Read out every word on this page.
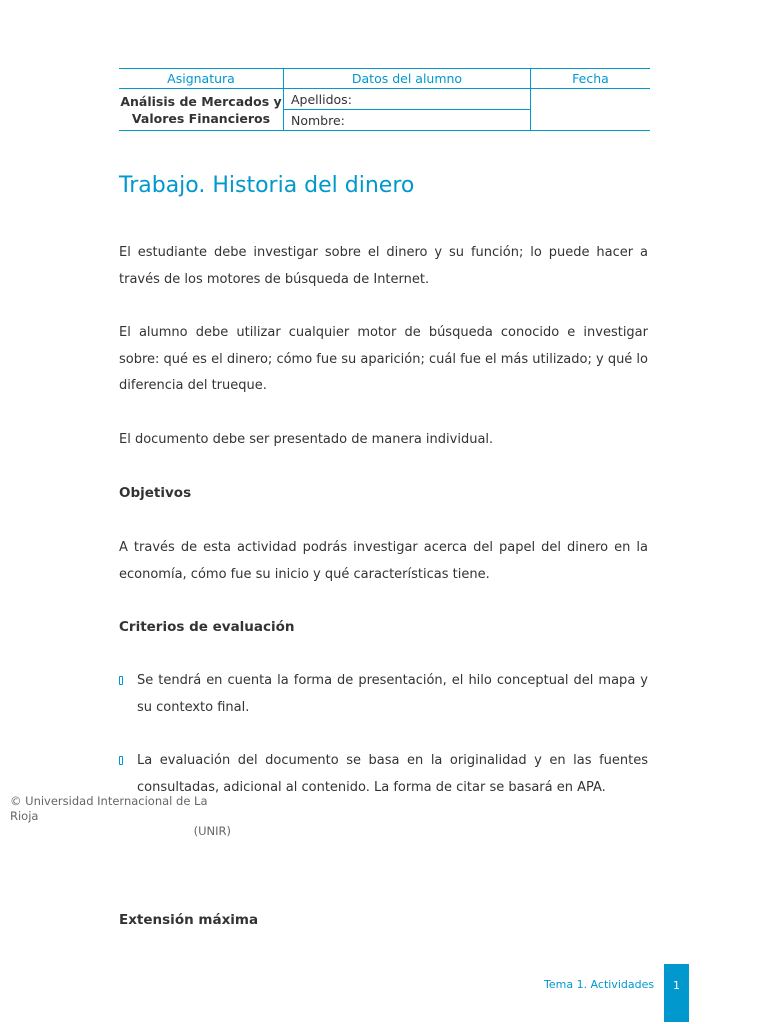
Asignatura	Datos del alumno	Fecha
Análisis de Mercados y
Valores Financieros	Apellidos:	
	Nombre:	
Trabajo. Historia del dinero

El estudiante debe investigar sobre el dinero y su función; lo puede hacer a través de los motores de búsqueda de Internet.

El alumno debe utilizar cualquier motor de búsqueda conocido e investigar sobre: qué es el dinero; cómo fue su aparición; cuál fue el más utilizado; y qué lo diferencia del trueque.

El documento debe ser presentado de manera individual.

Objetivos

A través de esta actividad podrás investigar acerca del papel del dinero en la economía, cómo fue su inicio y qué características tiene.

Criterios de evaluación

Se tendrá en cuenta la forma de presentación, el hilo conceptual del mapa y su contexto final.

La evaluación del documento se basa en la originalidad y en las fuentes consultadas, adicional al contenido. La forma de citar se basará en APA.

© Universidad Internacional de La Rioja
(UNIR)
Extensión máxima
Tema 1. Actividades	1
